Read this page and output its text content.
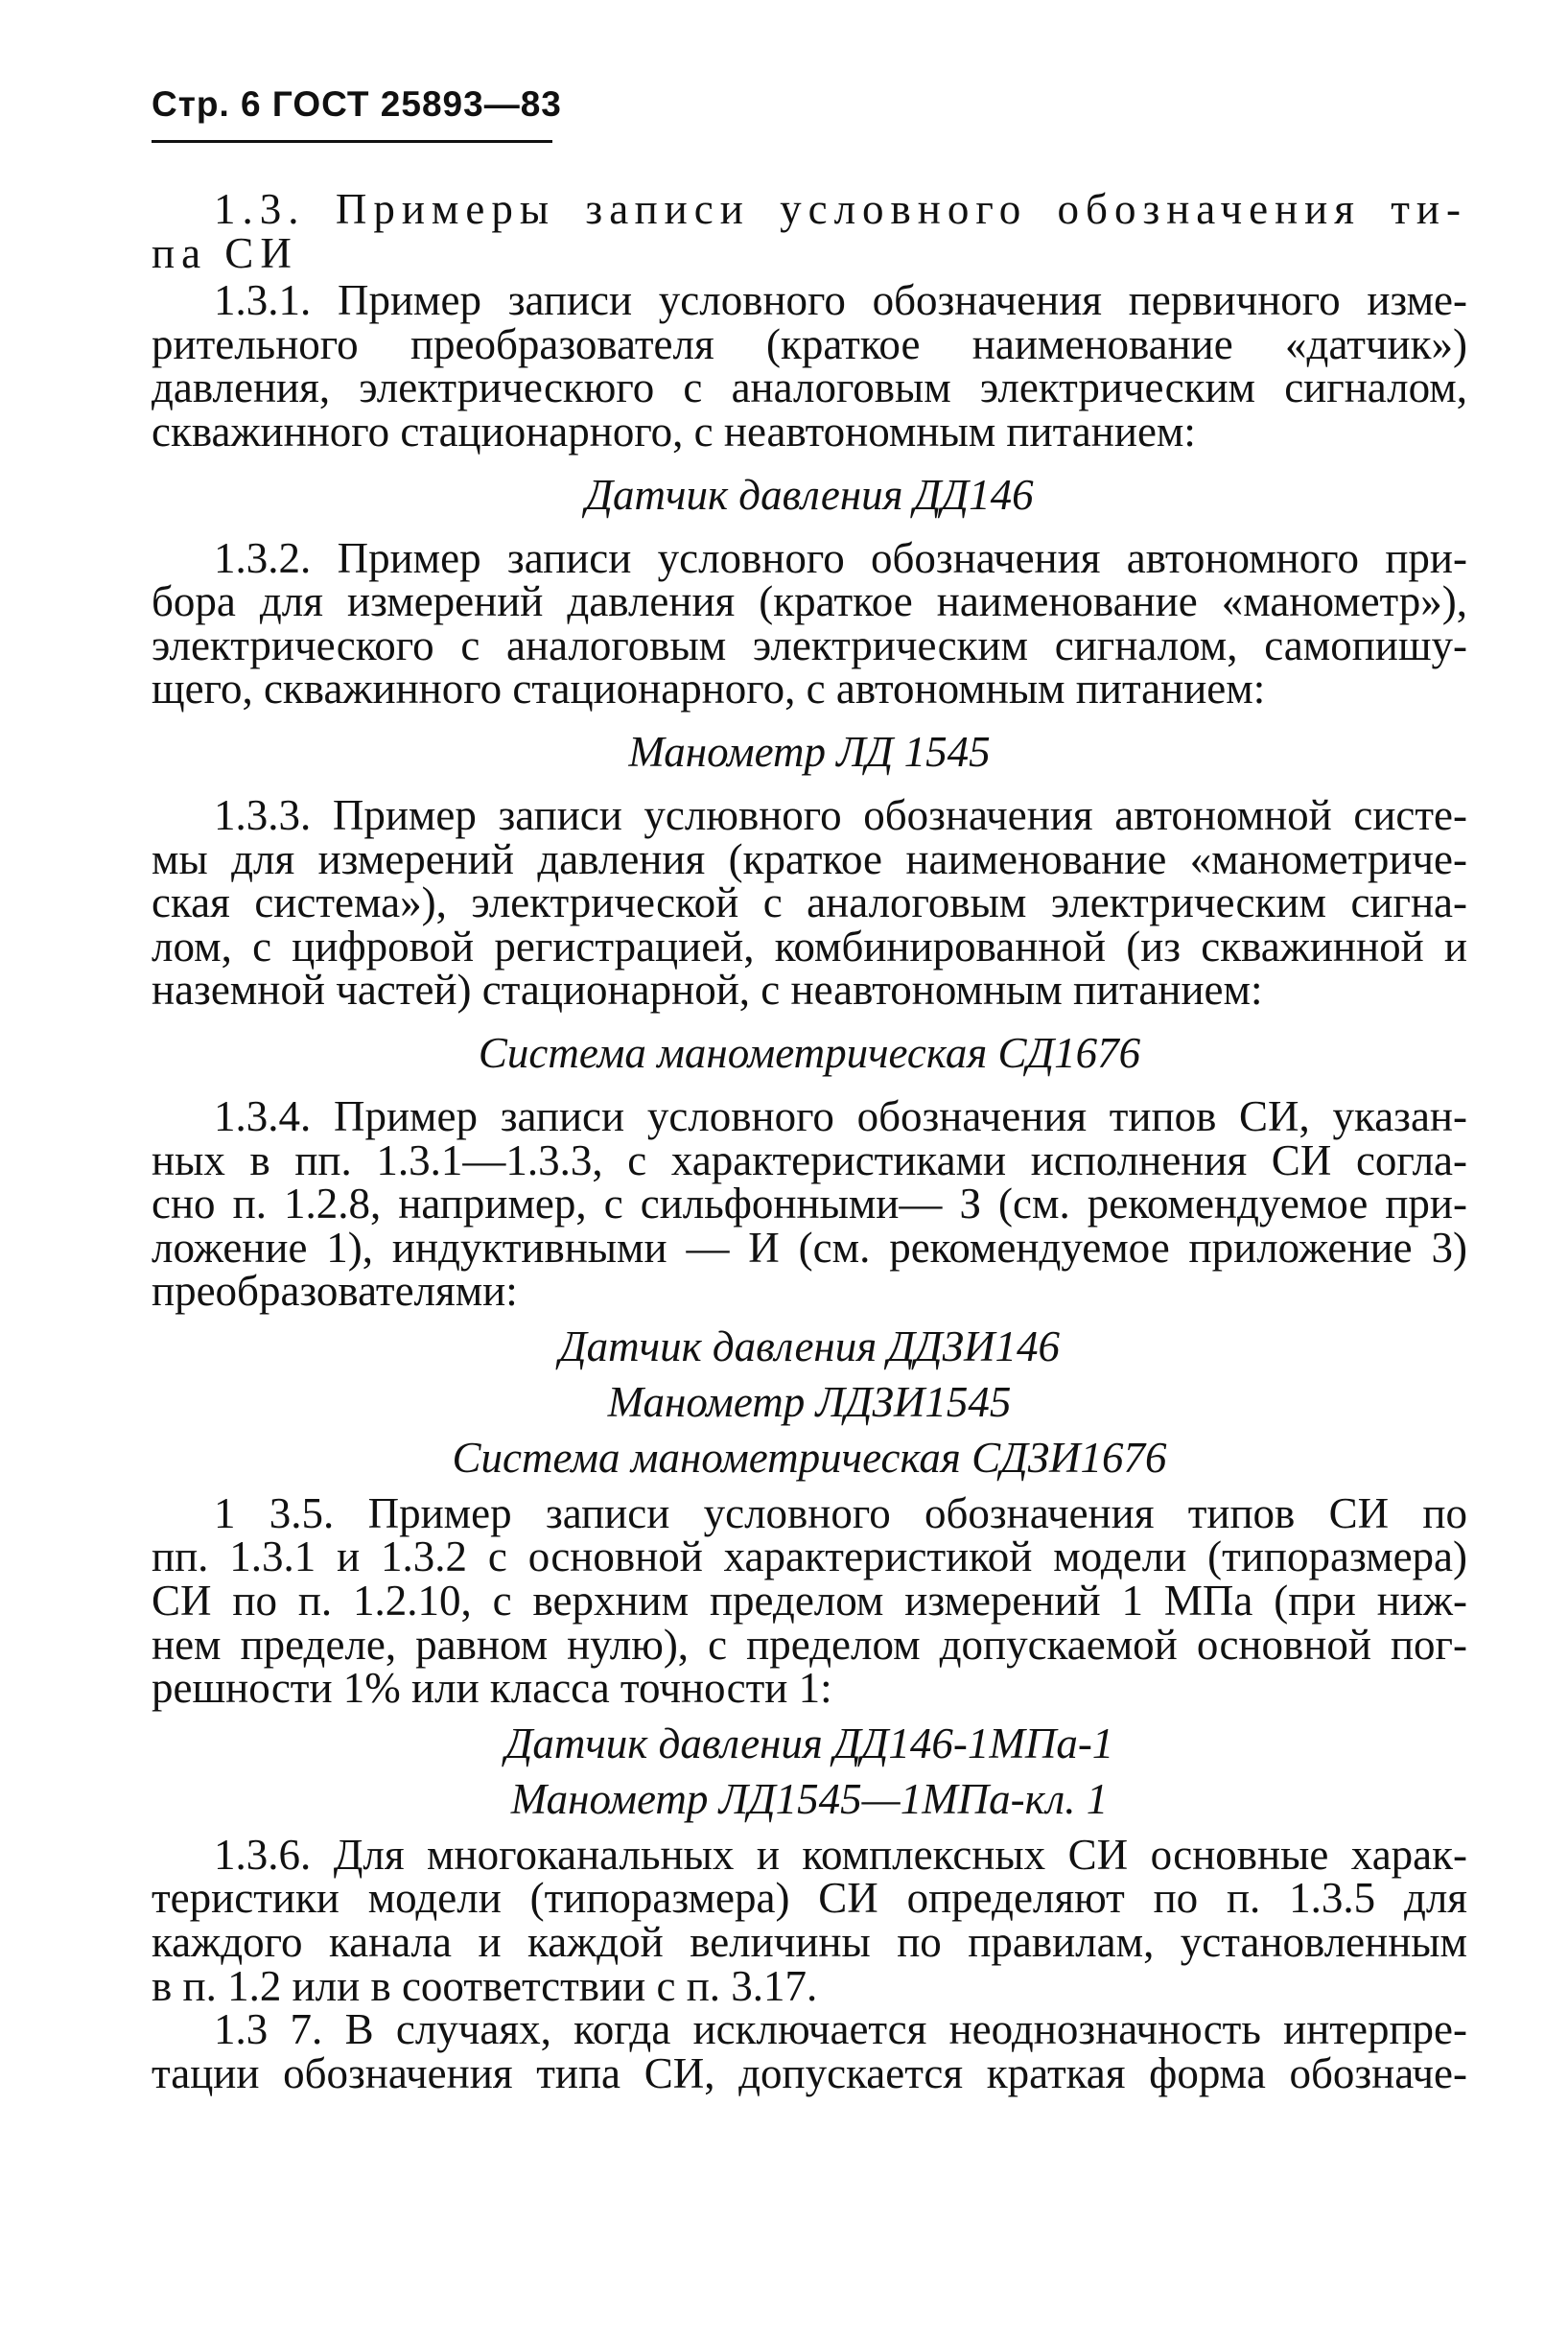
Стр. 6 ГОСТ 25893—83
1.3. Примеры записи условного обозначения ти-
па СИ
1.3.1. Пример записи условного обозначения первичного изме-
рительного преобразователя (краткое наименование «датчик»)
давления, электрическюго с аналоговым электрическим сигналом,
скважинного стационарного, с неавтономным питанием:
Датчик давления ДД146
1.3.2. Пример записи условного обозначения автономного при-
бора для измерений давления (краткое наименование «манометр»),
электрического с аналоговым электрическим сигналом, самопишу-
щего, скважинного стационарного, с автономным питанием:
Манометр ЛД 1545
1.3.3. Пример записи услювного обозначения автономной систе-
мы для измерений давления (краткое наименование «манометриче-
ская система»), электрической с аналоговым электрическим сигна-
лом, с цифровой регистрацией, комбинированной (из скважинной и
наземной частей) стационарной, с неавтономным питанием:
Система манометрическая СД1676
1.3.4. Пример записи условного обозначения типов СИ, указан-
ных в пп. 1.3.1—1.3.3, с характеристиками исполнения СИ согла-
сно п. 1.2.8, например, с сильфонными— З (см. рекомендуемое при-
ложение 1), индуктивными — И (см. рекомендуемое приложение 3)
преобразователями:
Датчик давления ДДЗИ146
Манометр ЛДЗИ1545
Система манометрическая СДЗИ1676
1 3.5. Пример записи условного обозначения типов СИ по
пп. 1.3.1 и 1.3.2 с основной характеристикой модели (типоразмера)
СИ по п. 1.2.10, с верхним пределом измерений 1 МПа (при ниж-
нем пределе, равном нулю), с пределом допускаемой основной пог-
решности 1% или класса точности 1:
Датчик давления ДД146-1МПа-1
Манометр ЛД1545—1МПа-кл. 1
1.3.6. Для многоканальных и комплексных СИ основные харак-
теристики модели (типоразмера) СИ определяют по п. 1.3.5 для
каждого канала и каждой величины по правилам, установленным
в п. 1.2 или в соответствии с п. 3.17.
1.3 7. В случаях, когда исключается неоднозначность интерпре-
тации обозначения типа СИ, допускается краткая форма обозначе-
